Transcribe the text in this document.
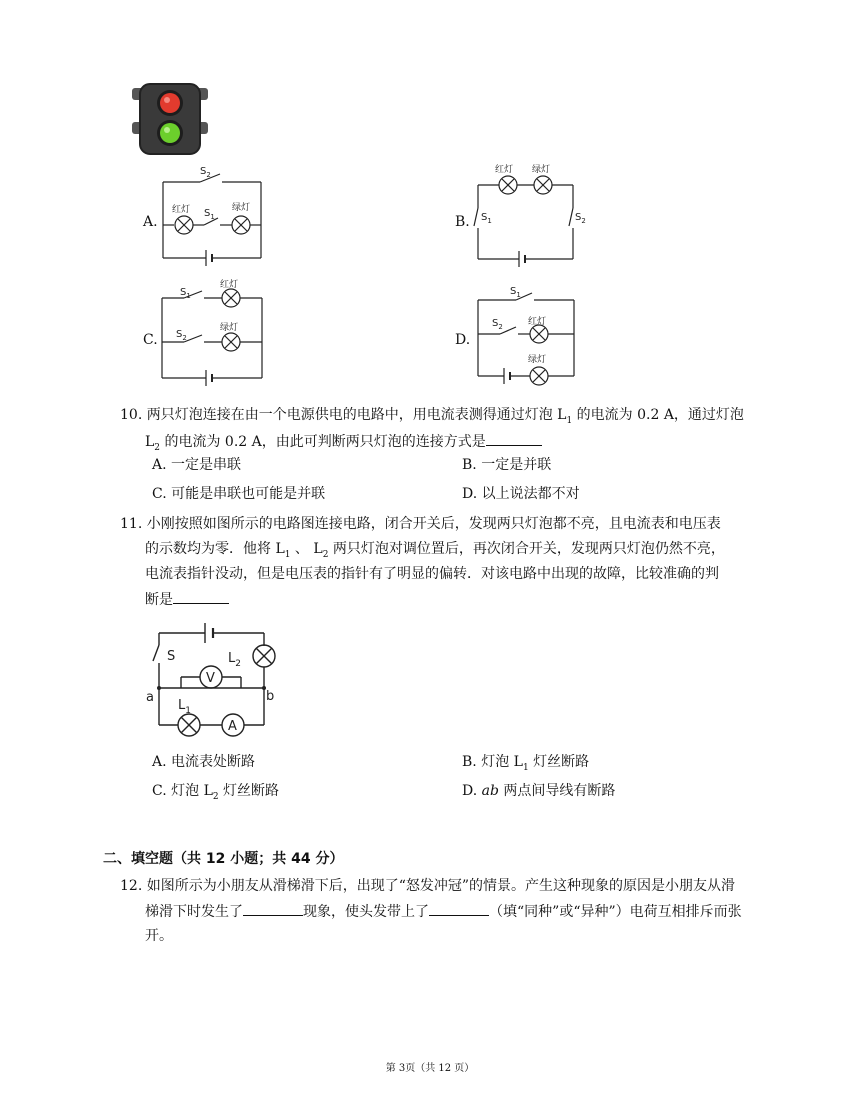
A.
$S_2$
红灯 $S_1$
绿灯
B.
红灯 绿灯
$S_1$	$S_2$
C.
$S_1$
红灯
$S_2$
绿灯
D.
$S_1$
$S_2$	红灯
绿灯
10. 两只灯泡连接在由一个电源供电的电路中，用电流表测得通过灯泡 $L_1$ 的电流为 0.2 A，通过灯泡
$L_2$ 的电流为 0.2 A，由此可判断两只灯泡的连接方式是
A. 一定是串联	B. 一定是并联
C. 可能是串联也可能是并联	D. 以上说法都不对
11. 小刚按照如图所示的电路图连接电路，闭合开关后，发现两只灯泡都不亮，且电流表和电压表
的示数均为零．他将 $L_1$ 、 $L_2$ 两只灯泡对调位置后，再次闭合开关，发现两只灯泡仍然不亮，
电流表指针没动，但是电压表的指针有了明显的偏转．对该电路中出现的故障，比较准确的判
断是
S	$L_2$
V
a	b
$L_1$
A
A. 电流表处断路	B. 灯泡 $L_1$ 灯丝断路
C. 灯泡 $L_2$ 灯丝断路	D. ab 两点间导线有断路
二、填空题（共 12 小题；共 44 分）
12. 如图所示为小朋友从滑梯滑下后，出现了“怒发冲冠”的情景。产生这种现象的原因是小朋友从滑
梯滑下时发生了	现象，使头发带上了	（填“同种”或“异种”）电荷互相排斥而张
开。
第 3页（共 12 页）
